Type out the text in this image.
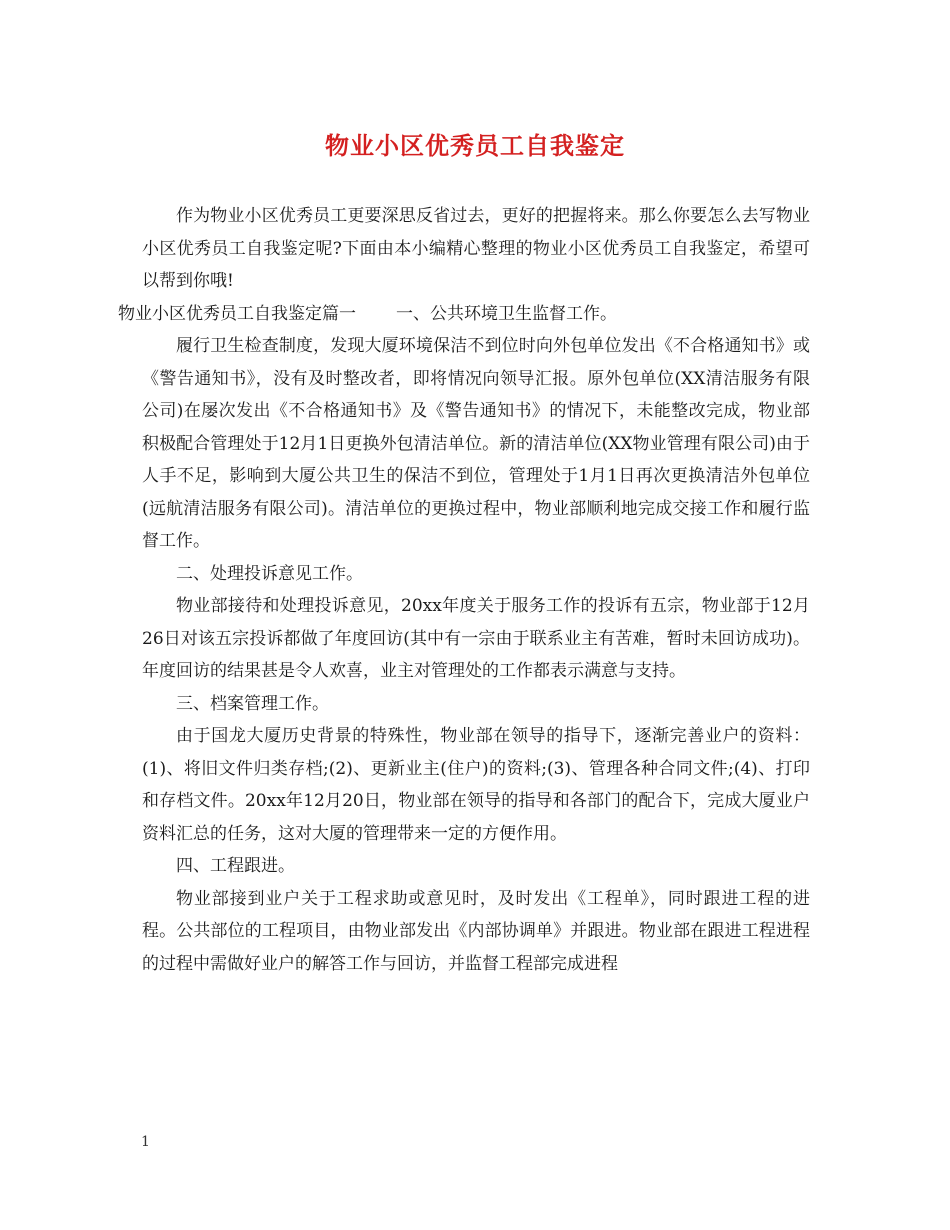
物业小区优秀员工自我鉴定

作为物业小区优秀员工更要深思反省过去，更好的把握将来。那么你要怎么去写物业小区优秀员工自我鉴定呢?下面由本小编精心整理的物业小区优秀员工自我鉴定，希望可以帮到你哦!

物业小区优秀员工自我鉴定篇一 一、公共环境卫生监督工作。

履行卫生检查制度，发现大厦环境保洁不到位时向外包单位发出《不合格通知书》或《警告通知书》，没有及时整改者，即将情况向领导汇报。原外包单位(XX清洁服务有限公司)在屡次发出《不合格通知书》及《警告通知书》的情况下，未能整改完成，物业部积极配合管理处于12月1日更换外包清洁单位。新的清洁单位(XX物业管理有限公司)由于人手不足，影响到大厦公共卫生的保洁不到位，管理处于1月1日再次更换清洁外包单位(远航清洁服务有限公司)。清洁单位的更换过程中，物业部顺利地完成交接工作和履行监督工作。

二、处理投诉意见工作。

物业部接待和处理投诉意见，20xx年度关于服务工作的投诉有五宗，物业部于12月26日对该五宗投诉都做了年度回访(其中有一宗由于联系业主有苦难，暂时未回访成功)。年度回访的结果甚是令人欢喜，业主对管理处的工作都表示满意与支持。

三、档案管理工作。

由于国龙大厦历史背景的特殊性，物业部在领导的指导下，逐渐完善业户的资料：(1)、将旧文件归类存档;(2)、更新业主(住户)的资料;(3)、管理各种合同文件;(4)、打印和存档文件。20xx年12月20日，物业部在领导的指导和各部门的配合下，完成大厦业户资料汇总的任务，这对大厦的管理带来一定的方便作用。

四、工程跟进。

物业部接到业户关于工程求助或意见时，及时发出《工程单》，同时跟进工程的进程。公共部位的工程项目，由物业部发出《内部协调单》并跟进。物业部在跟进工程进程的过程中需做好业户的解答工作与回访，并监督工程部完成进程

1
